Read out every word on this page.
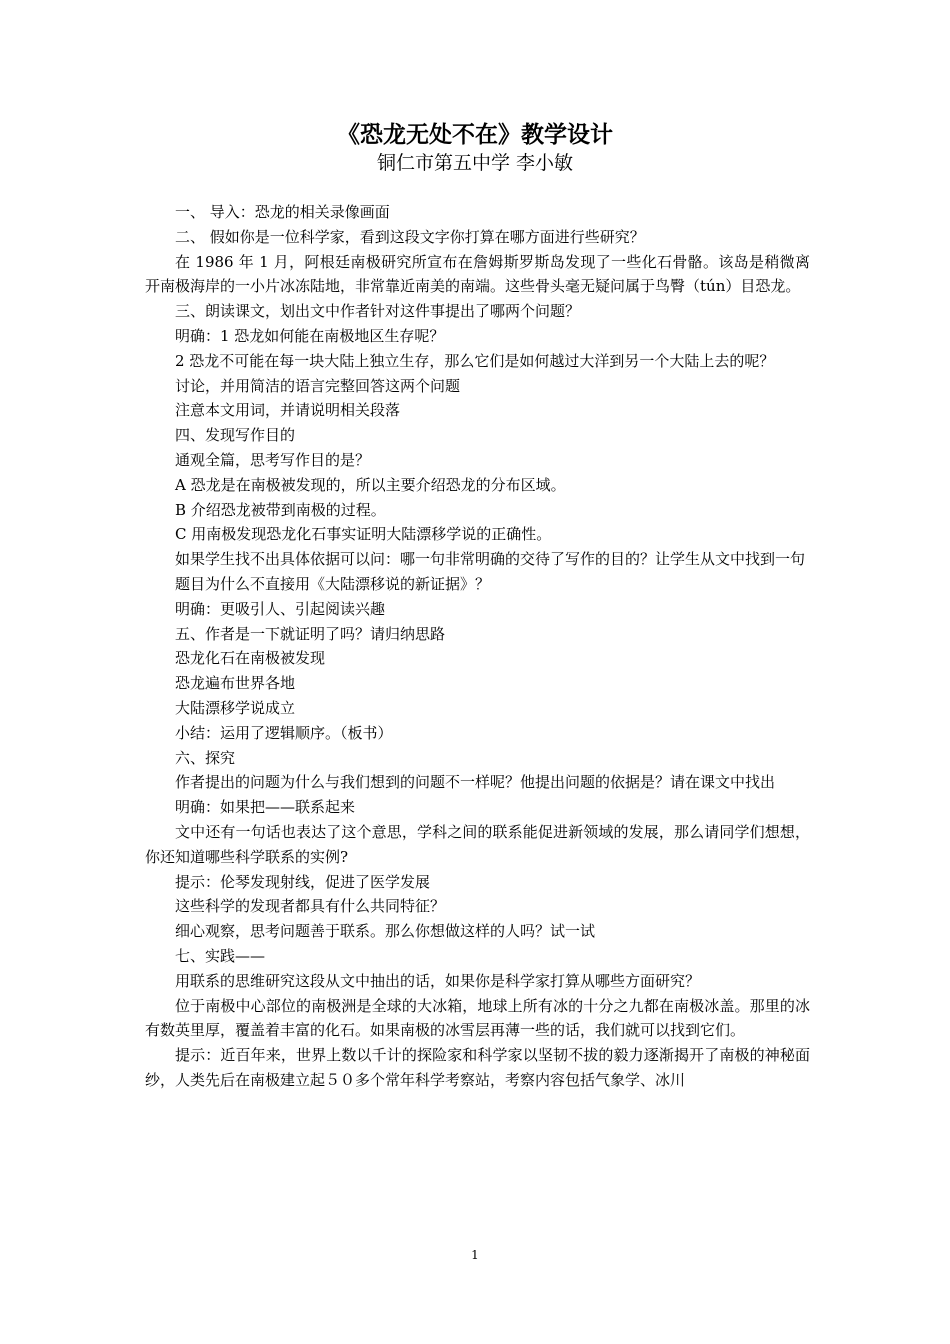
《恐龙无处不在》教学设计
铜仁市第五中学 李小敏

一、 导入：恐龙的相关录像画面

二、 假如你是一位科学家，看到这段文字你打算在哪方面进行些研究？

在 1986 年 1 月，阿根廷南极研究所宣布在詹姆斯罗斯岛发现了一些化石骨骼。该岛是稍微离开南极海岸的一小片冰冻陆地，非常靠近南美的南端。这些骨头毫无疑问属于鸟臀（tún）目恐龙。

三、朗读课文，划出文中作者针对这件事提出了哪两个问题？

明确：1 恐龙如何能在南极地区生存呢？

2 恐龙不可能在每一块大陆上独立生存，那么它们是如何越过大洋到另一个大陆上去的呢？

讨论，并用简洁的语言完整回答这两个问题

注意本文用词，并请说明相关段落

四、发现写作目的

通观全篇，思考写作目的是？

A 恐龙是在南极被发现的，所以主要介绍恐龙的分布区域。

B 介绍恐龙被带到南极的过程。

C 用南极发现恐龙化石事实证明大陆漂移学说的正确性。

如果学生找不出具体依据可以问：哪一句非常明确的交待了写作的目的？让学生从文中找到一句

题目为什么不直接用《大陆漂移说的新证据》？

明确：更吸引人、引起阅读兴趣

五、作者是一下就证明了吗？请归纳思路

恐龙化石在南极被发现

恐龙遍布世界各地

大陆漂移学说成立

小结：运用了逻辑顺序。（板书）

六、探究

作者提出的问题为什么与我们想到的问题不一样呢？他提出问题的依据是？请在课文中找出

明确：如果把——联系起来

文中还有一句话也表达了这个意思，学科之间的联系能促进新领域的发展，那么请同学们想想，你还知道哪些科学联系的实例?

提示：伦琴发现射线，促进了医学发展

这些科学的发现者都具有什么共同特征？

细心观察，思考问题善于联系。那么你想做这样的人吗？试一试

七、实践——

用联系的思维研究这段从文中抽出的话，如果你是科学家打算从哪些方面研究？

位于南极中心部位的南极洲是全球的大冰箱，地球上所有冰的十分之九都在南极冰盖。那里的冰有数英里厚，覆盖着丰富的化石。如果南极的冰雪层再薄一些的话，我们就可以找到它们。

提示：近百年来，世界上数以千计的探险家和科学家以坚韧不拔的毅力逐渐揭开了南极的神秘面纱，人类先后在南极建立起５０多个常年科学考察站，考察内容包括气象学、冰川

1
